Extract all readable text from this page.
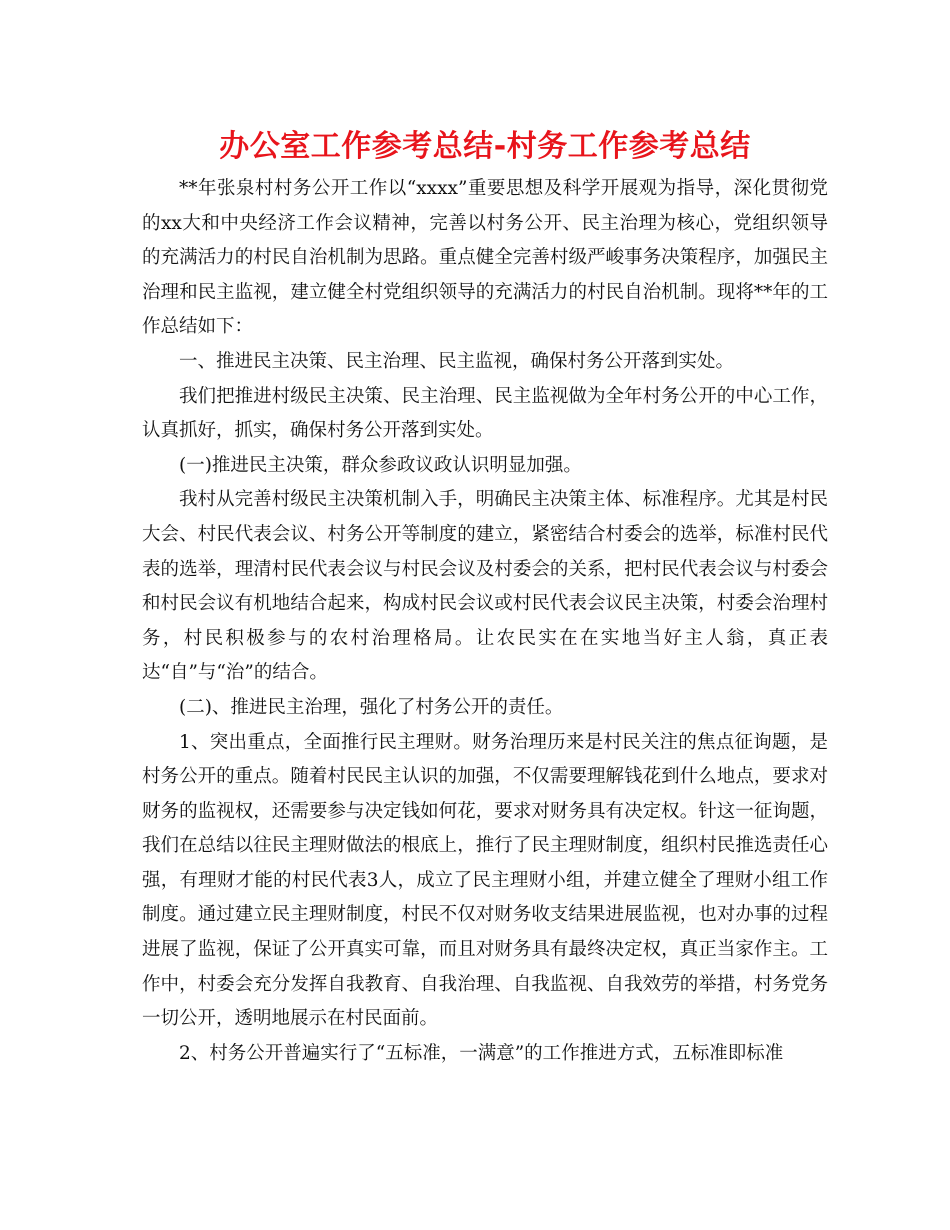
办公室工作参考总结-村务工作参考总结

**年张泉村村务公开工作以“xxxx”重要思想及科学开展观为指导，深化贯彻党的xx大和中央经济工作会议精神，完善以村务公开、民主治理为核心，党组织领导的充满活力的村民自治机制为思路。重点健全完善村级严峻事务决策程序，加强民主治理和民主监视，建立健全村党组织领导的充满活力的村民自治机制。现将**年的工作总结如下：

一、推进民主决策、民主治理、民主监视，确保村务公开落到实处。

我们把推进村级民主决策、民主治理、民主监视做为全年村务公开的中心工作，认真抓好，抓实，确保村务公开落到实处。

(一)推进民主决策，群众参政议政认识明显加强。

我村从完善村级民主决策机制入手，明确民主决策主体、标准程序。尤其是村民大会、村民代表会议、村务公开等制度的建立，紧密结合村委会的选举，标准村民代表的选举，理清村民代表会议与村民会议及村委会的关系，把村民代表会议与村委会和村民会议有机地结合起来，构成村民会议或村民代表会议民主决策，村委会治理村务，村民积极参与的农村治理格局。让农民实在在实地当好主人翁，真正表达“自”与“治”的结合。

(二)、推进民主治理，强化了村务公开的责任。

1、突出重点，全面推行民主理财。财务治理历来是村民关注的焦点征询题，是村务公开的重点。随着村民民主认识的加强，不仅需要理解钱花到什么地点，要求对财务的监视权，还需要参与决定钱如何花，要求对财务具有决定权。针这一征询题，我们在总结以往民主理财做法的根底上，推行了民主理财制度，组织村民推选责任心强，有理财才能的村民代表3人，成立了民主理财小组，并建立健全了理财小组工作制度。通过建立民主理财制度，村民不仅对财务收支结果进展监视，也对办事的过程进展了监视，保证了公开真实可靠，而且对财务具有最终决定权，真正当家作主。工作中，村委会充分发挥自我教育、自我治理、自我监视、自我效劳的举措，村务党务一切公开，透明地展示在村民面前。

2、村务公开普遍实行了“五标准，一满意”的工作推进方式，五标准即标准
